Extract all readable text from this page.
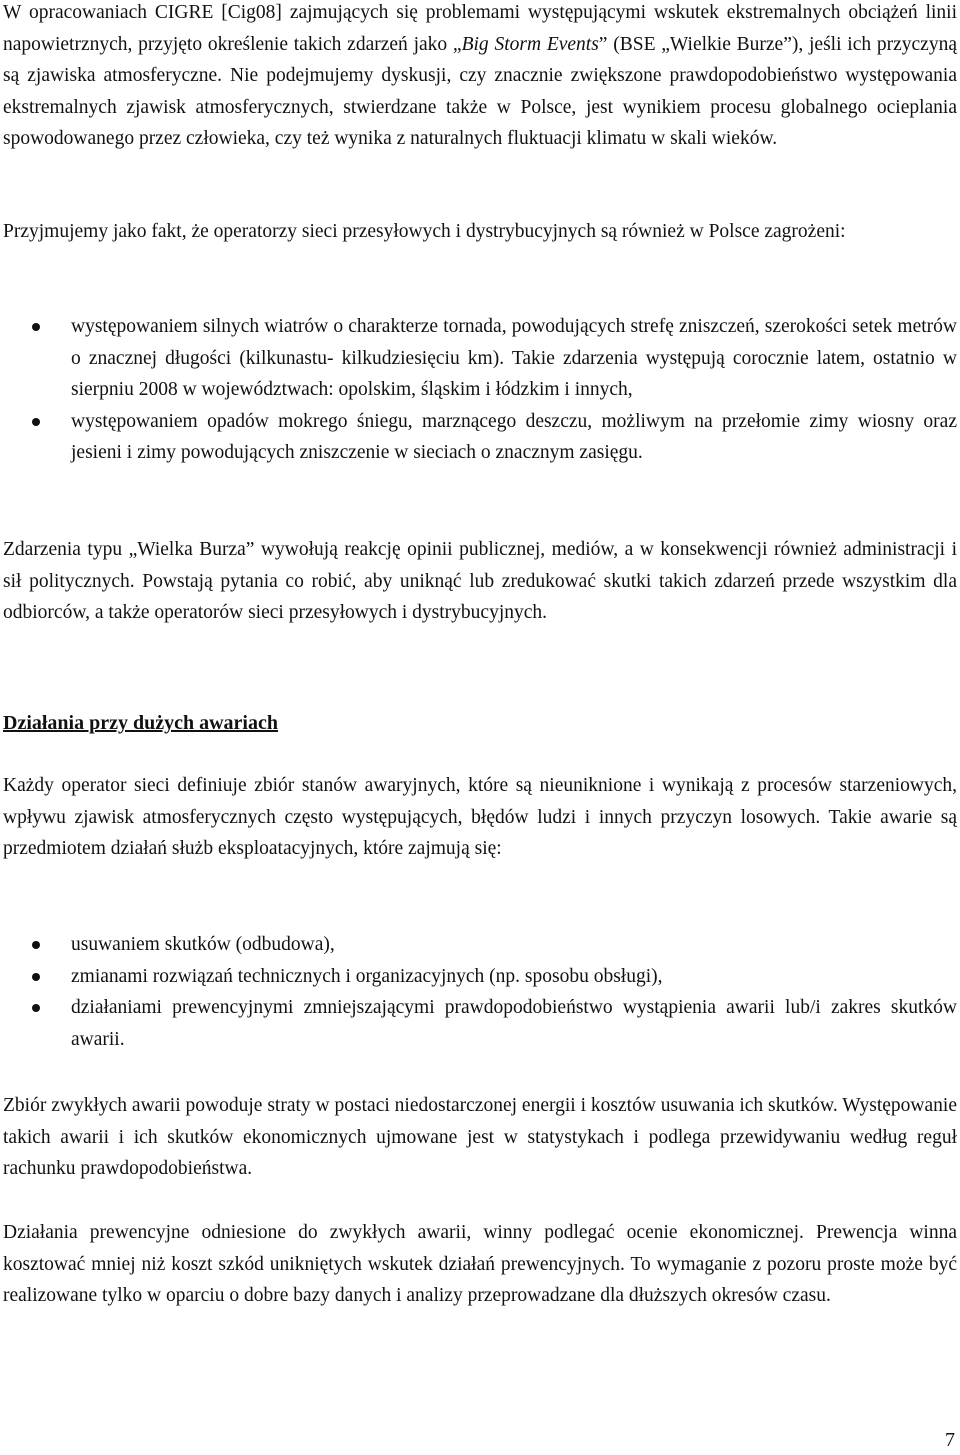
W opracowaniach CIGRE [Cig08] zajmujących się problemami występującymi wskutek ekstremalnych obciążeń linii napowietrznych, przyjęto określenie takich zdarzeń jako „Big Storm Events” (BSE „Wielkie Burze”), jeśli ich przyczyną są zjawiska atmosferyczne. Nie podejmujemy dyskusji, czy znacznie zwiększone prawdopodobieństwo występowania ekstremalnych zjawisk atmosferycznych, stwierdzane także w Polsce, jest wynikiem procesu globalnego ocieplania spowodowanego przez człowieka, czy też wynika z naturalnych fluktuacji klimatu w skali wieków.

Przyjmujemy jako fakt, że operatorzy sieci przesyłowych i dystrybucyjnych są również w Polsce zagrożeni:

występowaniem silnych wiatrów o charakterze tornada, powodujących strefę zniszczeń, szerokości setek metrów o znacznej długości (kilkunastu- kilkudziesięciu km). Takie zdarzenia występują corocznie latem, ostatnio w sierpniu 2008 w województwach: opolskim, śląskim i łódzkim i innych,
występowaniem opadów mokrego śniegu, marznącego deszczu, możliwym na przełomie zimy wiosny oraz jesieni i zimy powodujących zniszczenie w sieciach o znacznym zasięgu.

Zdarzenia typu „Wielka Burza” wywołują reakcję opinii publicznej, mediów, a w konsekwencji również administracji i sił politycznych. Powstają pytania co robić, aby uniknąć lub zredukować skutki takich zdarzeń przede wszystkim dla odbiorców, a także operatorów sieci przesyłowych i dystrybucyjnych.

Działania przy dużych awariach

Każdy operator sieci definiuje zbiór stanów awaryjnych, które są nieuniknione i wynikają z procesów starzeniowych, wpływu zjawisk atmosferycznych często występujących, błędów ludzi i innych przyczyn losowych. Takie awarie są przedmiotem działań służb eksploatacyjnych, które zajmują się:

usuwaniem skutków (odbudowa),
zmianami rozwiązań technicznych i organizacyjnych (np. sposobu obsługi),
działaniami prewencyjnymi zmniejszającymi prawdopodobieństwo wystąpienia awarii lub/i zakres skutków awarii.

Zbiór zwykłych awarii powoduje straty w postaci niedostarczonej energii i kosztów usuwania ich skutków. Występowanie takich awarii i ich skutków ekonomicznych ujmowane jest w statystykach i podlega przewidywaniu według reguł rachunku prawdopodobieństwa.

Działania prewencyjne odniesione do zwykłych awarii, winny podlegać ocenie ekonomicznej. Prewencja winna kosztować mniej niż koszt szkód unikniętych wskutek działań prewencyjnych. To wymaganie z pozoru proste może być realizowane tylko w oparciu o dobre bazy danych i analizy przeprowadzane dla dłuższych okresów czasu.

7
